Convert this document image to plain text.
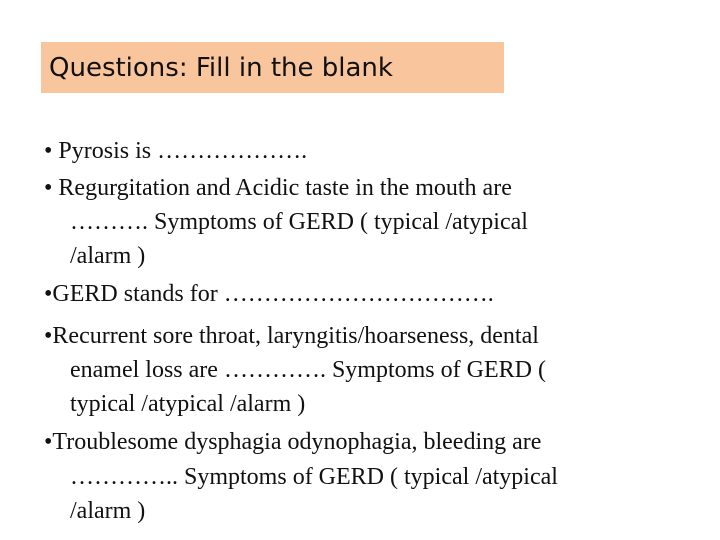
Questions: Fill in the blank
• Pyrosis is ……………….
• Regurgitation and Acidic taste in the mouth are
………. Symptoms of GERD ( typical /atypical
/alarm )
•GERD stands for …………………………….
•Recurrent sore throat, laryngitis/hoarseness, dental
enamel loss are …………. Symptoms of GERD (
typical /atypical /alarm )
•Troublesome dysphagia odynophagia, bleeding are
………….. Symptoms of GERD ( typical /atypical
/alarm )
